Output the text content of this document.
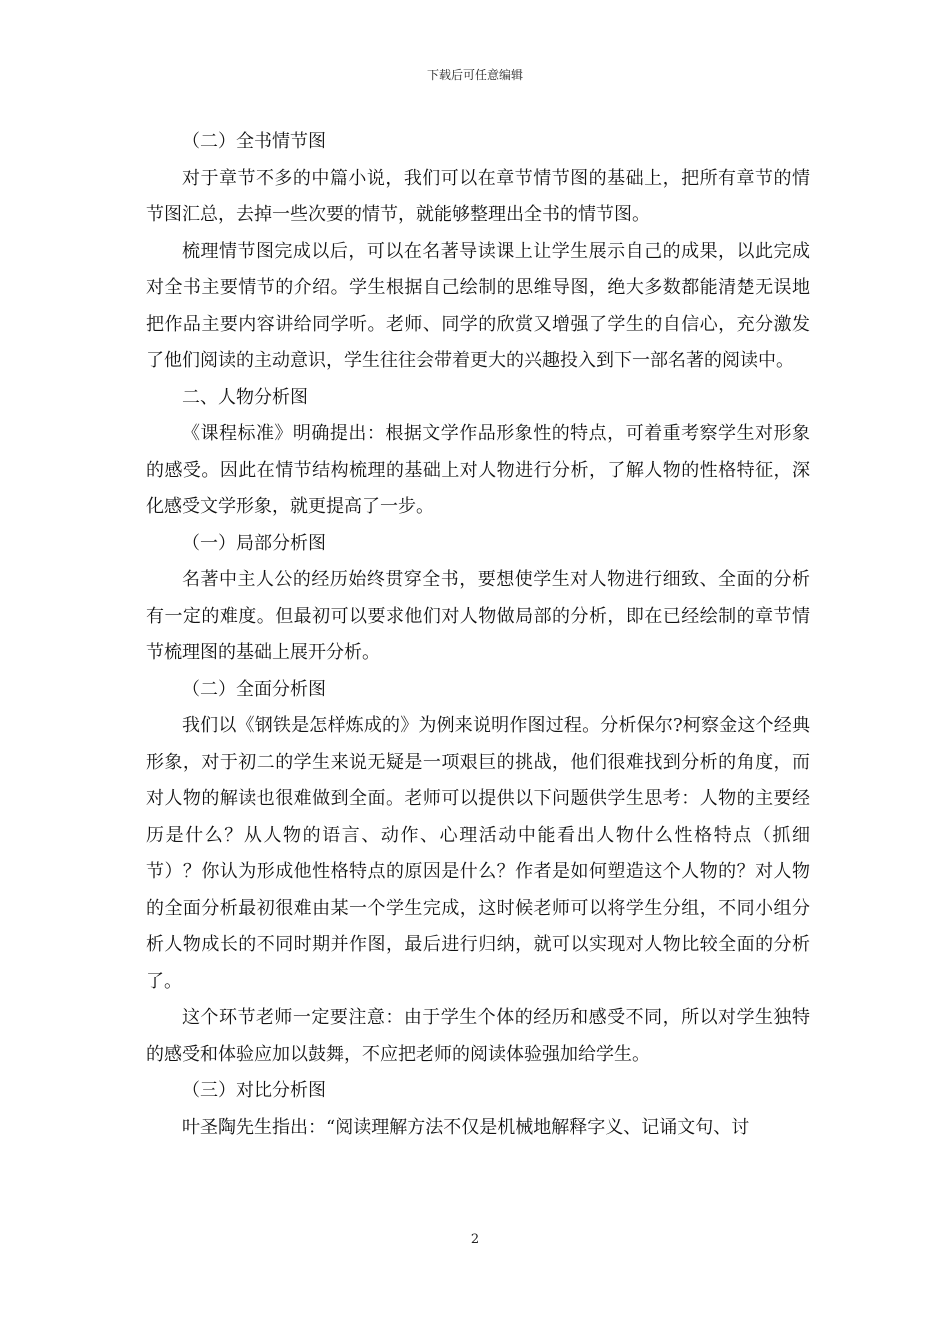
下载后可任意编辑

（二）全书情节图

对于章节不多的中篇小说，我们可以在章节情节图的基础上，把所有章节的情节图汇总，去掉一些次要的情节，就能够整理出全书的情节图。

梳理情节图完成以后，可以在名著导读课上让学生展示自己的成果，以此完成对全书主要情节的介绍。学生根据自己绘制的思维导图，绝大多数都能清楚无误地把作品主要内容讲给同学听。老师、同学的欣赏又增强了学生的自信心，充分激发了他们阅读的主动意识，学生往往会带着更大的兴趣投入到下一部名著的阅读中。

二、人物分析图

《课程标准》明确提出：根据文学作品形象性的特点，可着重考察学生对形象的感受。因此在情节结构梳理的基础上对人物进行分析，了解人物的性格特征，深化感受文学形象，就更提高了一步。

（一）局部分析图

名著中主人公的经历始终贯穿全书，要想使学生对人物进行细致、全面的分析有一定的难度。但最初可以要求他们对人物做局部的分析，即在已经绘制的章节情节梳理图的基础上展开分析。

（二）全面分析图

我们以《钢铁是怎样炼成的》为例来说明作图过程。分析保尔?柯察金这个经典形象，对于初二的学生来说无疑是一项艰巨的挑战，他们很难找到分析的角度，而对人物的解读也很难做到全面。老师可以提供以下问题供学生思考：人物的主要经历是什么？从人物的语言、动作、心理活动中能看出人物什么性格特点（抓细节）？你认为形成他性格特点的原因是什么？作者是如何塑造这个人物的？对人物的全面分析最初很难由某一个学生完成，这时候老师可以将学生分组，不同小组分析人物成长的不同时期并作图，最后进行归纳，就可以实现对人物比较全面的分析了。

这个环节老师一定要注意：由于学生个体的经历和感受不同，所以对学生独特的感受和体验应加以鼓舞，不应把老师的阅读体验强加给学生。

（三）对比分析图

叶圣陶先生指出：“阅读理解方法不仅是机械地解释字义、记诵文句、讨

2
